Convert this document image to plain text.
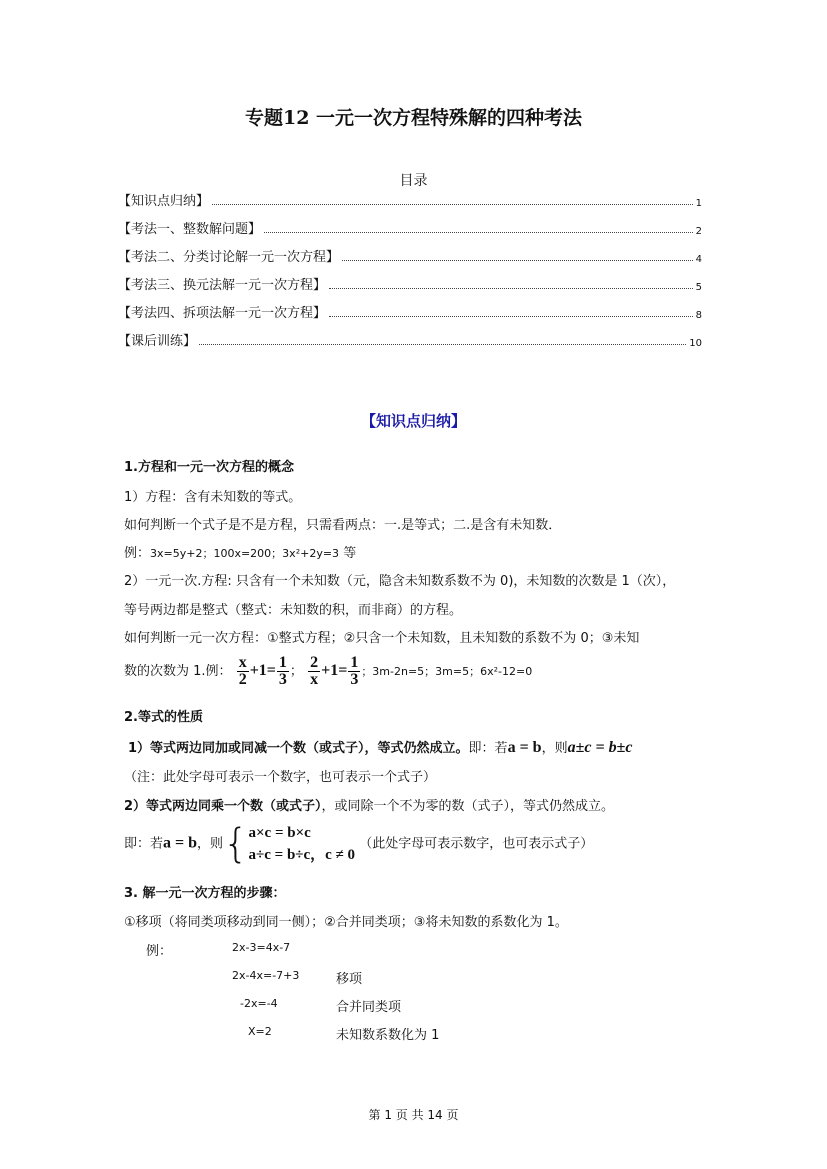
专题12 一元一次方程特殊解的四种考法
目录
【知识点归纳】	1
【考法一、整数解问题】	2
【考法二、分类讨论解一元一次方程】	4
【考法三、换元法解一元一次方程】	5
【考法四、拆项法解一元一次方程】	8
【课后训练】	10
【知识点归纳】
1.方程和一元一次方程的概念
1）方程：含有未知数的等式。
如何判断一个式子是不是方程，只需看两点：一.是等式；二.是含有未知数．
例：3x=5y+2；100x=200；3x²+2y=3 等
2）一元一次.方程: 只含有一个未知数（元，隐含未知数系数不为 0)，未知数的次数是 1（次），
等号两边都是整式（整式：未知数的积，而非商）的方程。
如何判断一元一次方程：①整式方程；②只含一个未知数，且未知数的系数不为 0；③未知
数的次数为 1.例： $\frac{x}{2} +1= \frac{1}{3}$ ； $\frac{2}{x} +1= \frac{1}{3}$ ；3m-2n=5；3m=5；6x²-12=0
2.等式的性质
1）等式两边同加或同减一个数（或式子），等式仍然成立。即：若a = b，则a±c = b±c
（注：此处字母可表示一个数字，也可表示一个式子）
2）等式两边同乘一个数（或式子），或同除一个不为零的数（式子），等式仍然成立。
即：若a = b，则{ a×c = b×c
a÷c = b÷c，c ≠ 0
（此处字母可表示数字，也可表示式子）
3. 解一元一次方程的步骤：
①移项（将同类项移动到同一侧）；②合并同类项；③将未知数的系数化为 1。
例：	2x-3=4x-7
2x-4x=-7+3	移项
-2x=-4	合并同类项
X=2	未知数系数化为 1
第 1 页 共 14 页
